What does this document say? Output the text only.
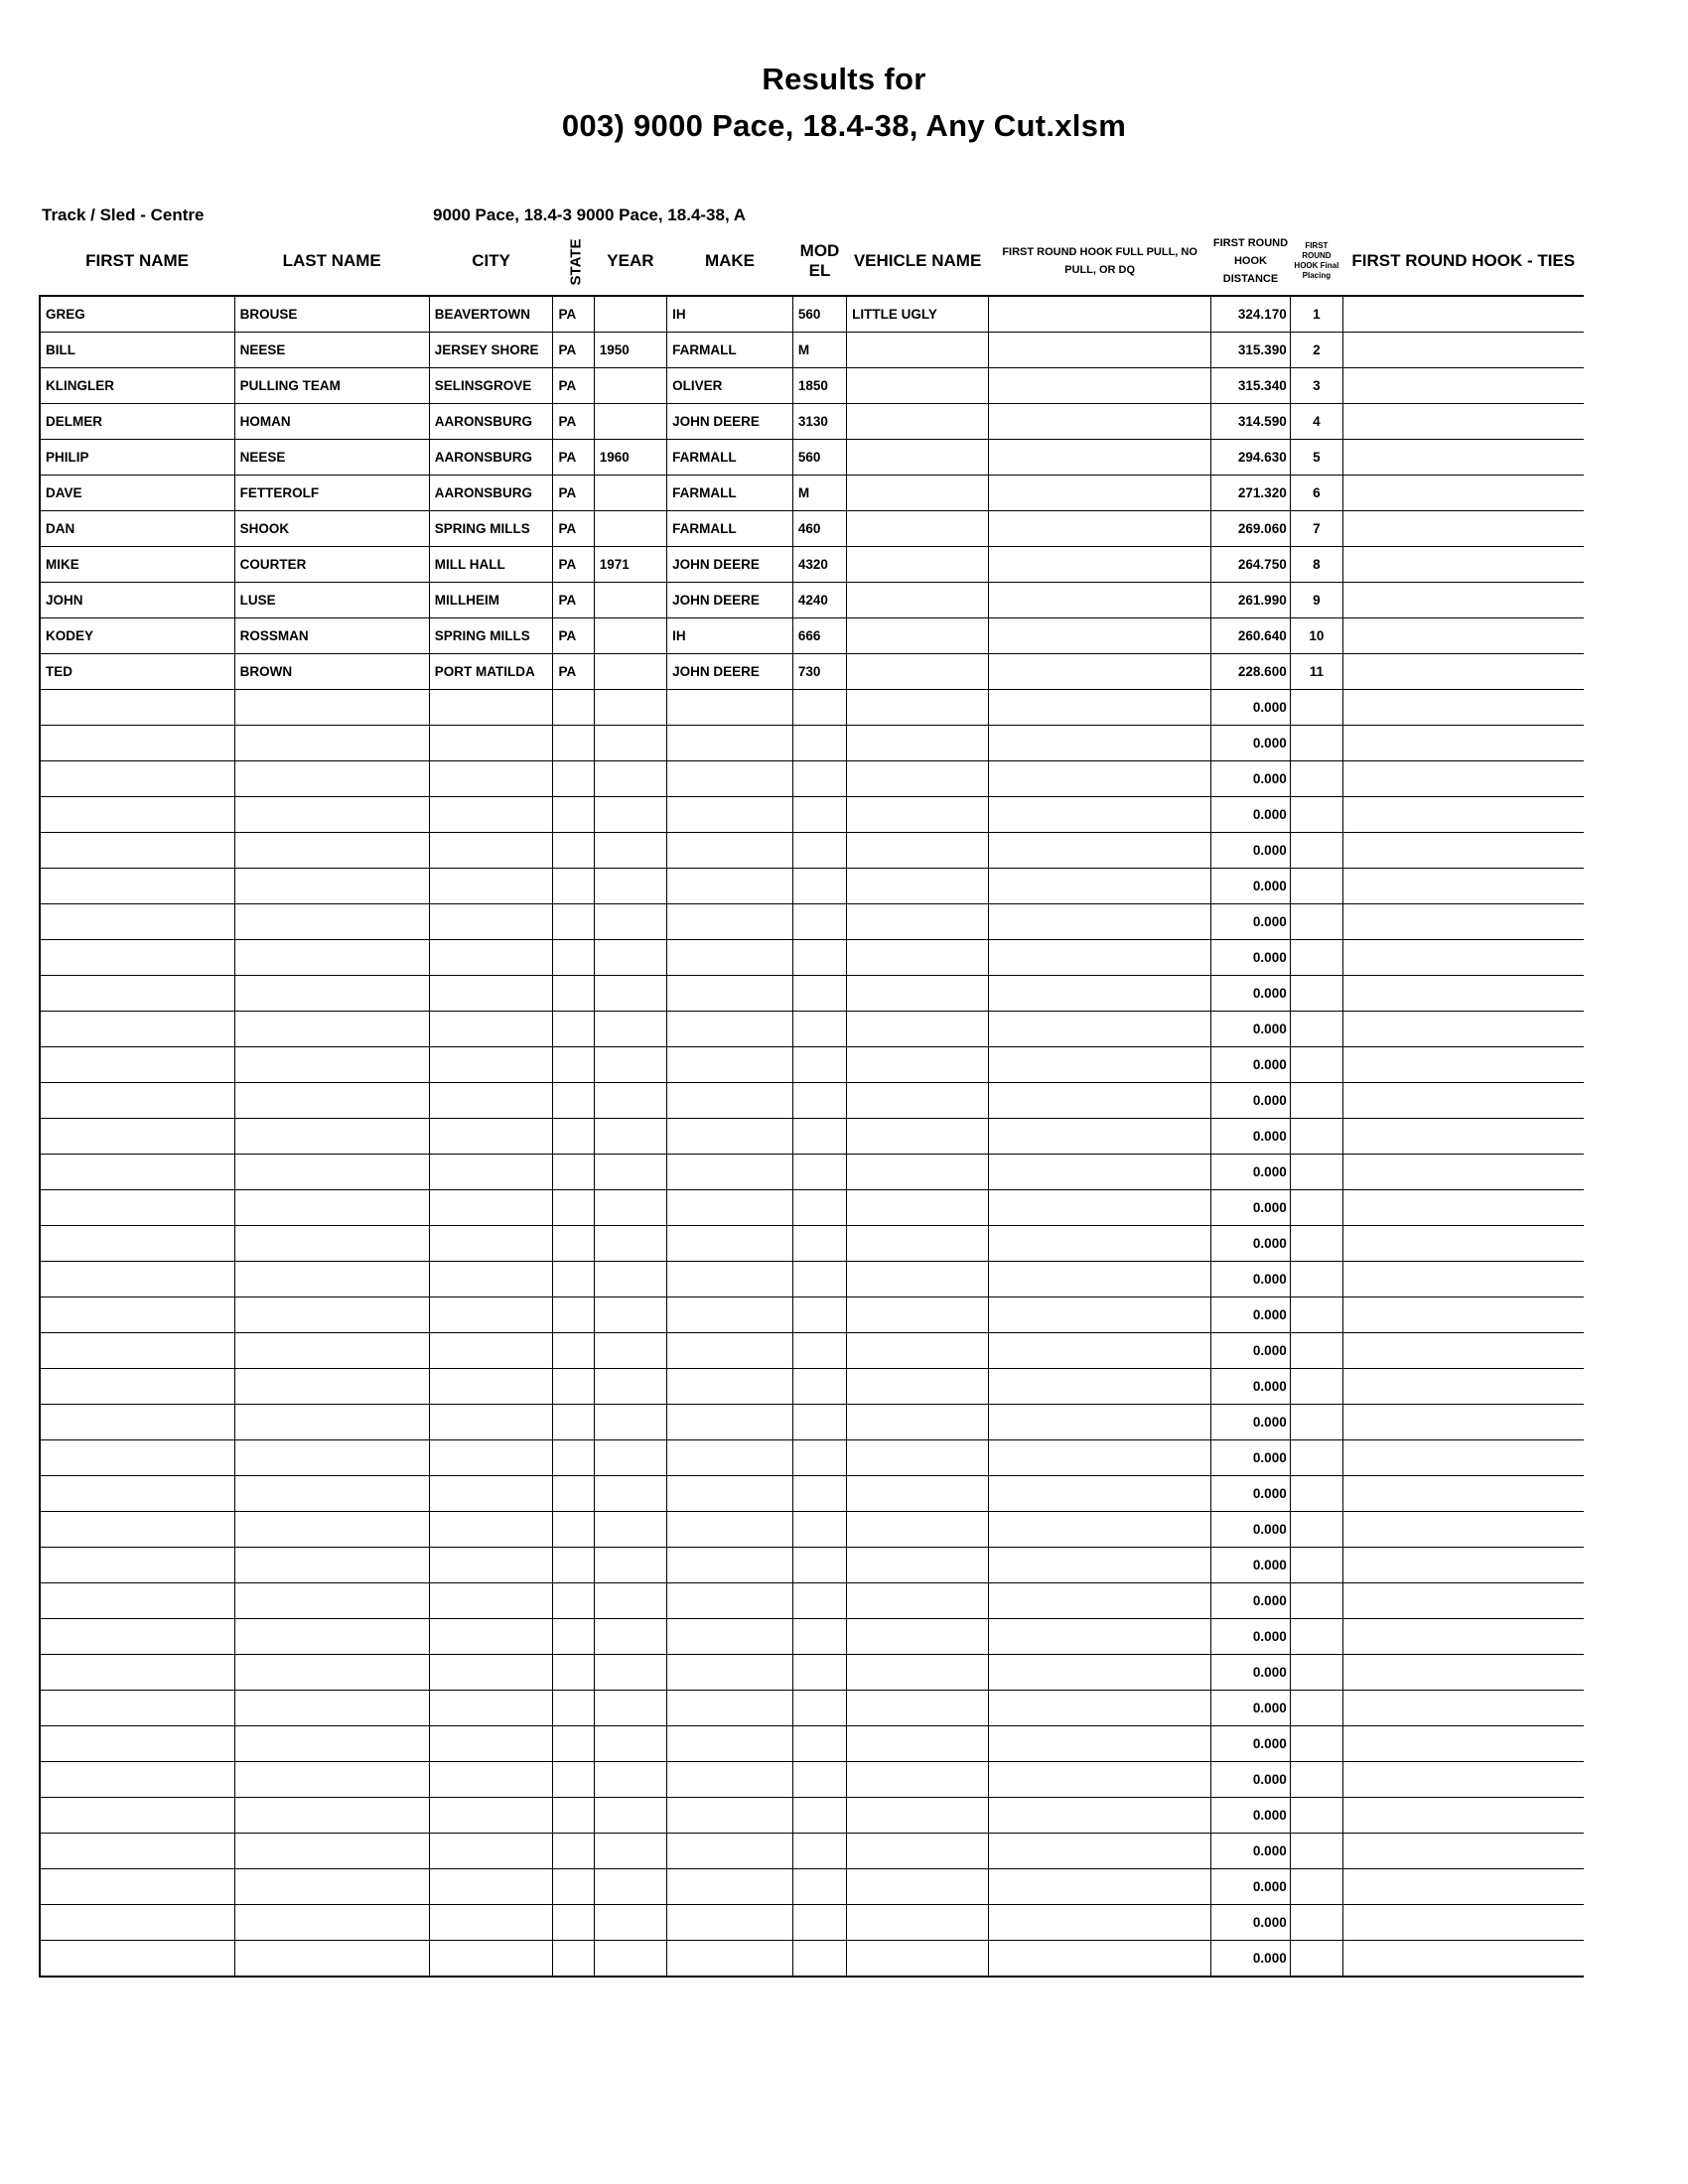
Results for
003) 9000 Pace, 18.4-38, Any Cut.xlsm
Track / Sled - Centre	9000 Pace, 18.4-3 9000 Pace, 18.4-38, A
FIRST NAME	LAST NAME	CITY	STATE	YEAR	MAKE	MOD EL	VEHICLE NAME	FIRST ROUND HOOK FULL PULL, NO PULL, OR DQ	FIRST ROUND HOOK DISTANCE	FIRST ROUND HOOK Final Placing	FIRST ROUND HOOK - TIES
GREG	BROUSE	BEAVERTOWN	PA		IH	560	LITTLE UGLY		324.170	1	
BILL	NEESE	JERSEY SHORE	PA	1950	FARMALL	M			315.390	2	
KLINGLER	PULLING TEAM	SELINSGROVE	PA		OLIVER	1850			315.340	3	
DELMER	HOMAN	AARONSBURG	PA		JOHN DEERE	3130			314.590	4	
PHILIP	NEESE	AARONSBURG	PA	1960	FARMALL	560			294.630	5	
DAVE	FETTEROLF	AARONSBURG	PA		FARMALL	M			271.320	6	
DAN	SHOOK	SPRING MILLS	PA		FARMALL	460			269.060	7	
MIKE	COURTER	MILL HALL	PA	1971	JOHN DEERE	4320			264.750	8	
JOHN	LUSE	MILLHEIM	PA		JOHN DEERE	4240			261.990	9	
KODEY	ROSSMAN	SPRING MILLS	PA		IH	666			260.640	10	
TED	BROWN	PORT MATILDA	PA		JOHN DEERE	730			228.600	11	
									0.000		
									0.000		
									0.000		
									0.000		
									0.000		
									0.000		
									0.000		
									0.000		
									0.000		
									0.000		
									0.000		
									0.000		
									0.000		
									0.000		
									0.000		
									0.000		
									0.000		
									0.000		
									0.000		
									0.000		
									0.000		
									0.000		
									0.000		
									0.000		
									0.000		
									0.000		
									0.000		
									0.000		
									0.000		
									0.000		
									0.000		
									0.000		
									0.000		
									0.000		
									0.000		
									0.000		
